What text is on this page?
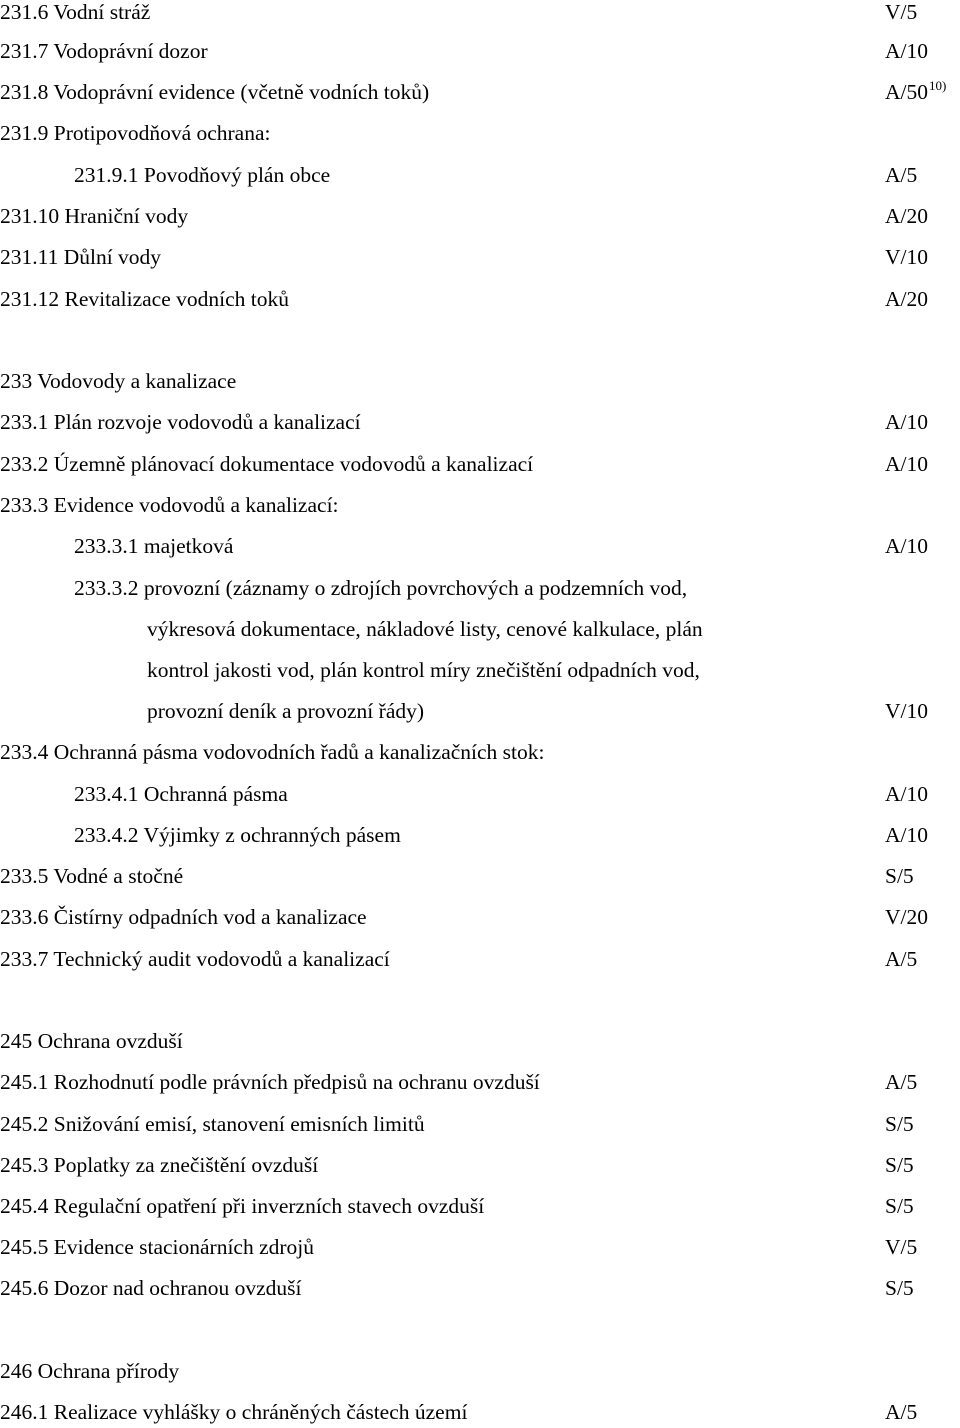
231.6 Vodní stráž	V/5
231.7 Vodoprávní dozor	A/10
231.8 Vodoprávní evidence (včetně vodních toků)	A/50$^{10)}$
231.9 Protipovodňová ochrana:
231.9.1 Povodňový plán obce	A/5
231.10 Hraniční vody	A/20
231.11 Důlní vody	V/10
231.12 Revitalizace vodních toků	A/20
233 Vodovody a kanalizace
233.1 Plán rozvoje vodovodů a kanalizací	A/10
233.2 Územně plánovací dokumentace vodovodů a kanalizací	A/10
233.3 Evidence vodovodů a kanalizací:
233.3.1 majetková	A/10
233.3.2 provozní (záznamy o zdrojích povrchových a podzemních vod,
výkresová dokumentace, nákladové listy, cenové kalkulace, plán
kontrol jakosti vod, plán kontrol míry znečištění odpadních vod,
provozní deník a provozní řády)	V/10
233.4 Ochranná pásma vodovodních řadů a kanalizačních stok:
233.4.1 Ochranná pásma	A/10
233.4.2 Výjimky z ochranných pásem	A/10
233.5 Vodné a stočné	S/5
233.6 Čistírny odpadních vod a kanalizace	V/20
233.7 Technický audit vodovodů a kanalizací	A/5
245 Ochrana ovzduší
245.1 Rozhodnutí podle právních předpisů na ochranu ovzduší	A/5
245.2 Snižování emisí, stanovení emisních limitů	S/5
245.3 Poplatky za znečištění ovzduší	S/5
245.4 Regulační opatření při inverzních stavech ovzduší	S/5
245.5 Evidence stacionárních zdrojů	V/5
245.6 Dozor nad ochranou ovzduší	S/5
246 Ochrana přírody
246.1 Realizace vyhlášky o chráněných částech území	A/5
